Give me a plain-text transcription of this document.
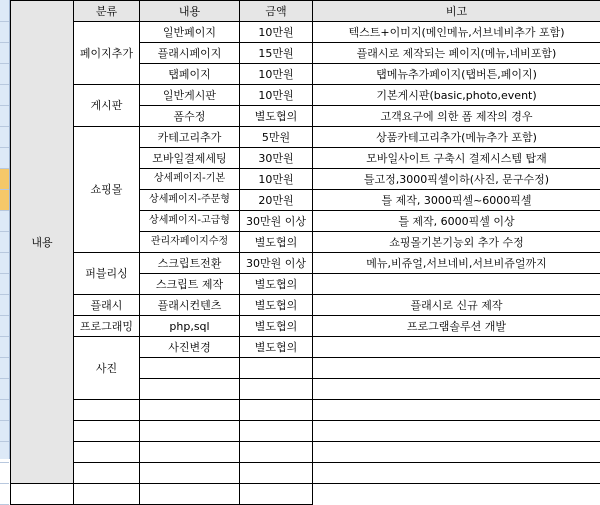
내용	분류	내용	금액	비고
	페이지추가	일반페이지	10만원	텍스트+이미지(메인메뉴,서브네비추가 포함)
		플래시페이지	15만원	플래시로 제작되는 페이지(메뉴,네비포함)
		탭페이지	10만원	탭메뉴추가페이지(탭버튼,페이지)
	게시판	일반게시판	10만원	기본게시판(basic,photo,event)
		폼수정	별도협의	고객요구에 의한 폼 제작의 경우
	쇼핑몰	카테고리추가	5만원	상품카테고리추가(메뉴추가 포함)
		모바일결제세팅	30만원	모바일사이트 구축시 결제시스템 탑재
		상세페이지-기본	10만원	틀고정,3000픽셀이하(사진, 문구수정)
		상세페이지-주문형	20만원	틀 제작, 3000픽셀~6000픽셀
		상세페이지-고급형	30만원 이상	틀 제작, 6000픽셀 이상
		관리자페이지수정	별도협의	쇼핑몰기본기능외 추가 수정
	퍼블리싱	스크립트전환	30만원 이상	메뉴,비쥬얼,서브네비,서브비쥬얼까지
		스크립트 제작	별도협의	
	플래시	플래시컨텐츠	별도협의	플래시로 신규 제작
	프로그래밍	php,sql	별도협의	프로그램솔루션 개발
	사진	사진변경	별도협의	
